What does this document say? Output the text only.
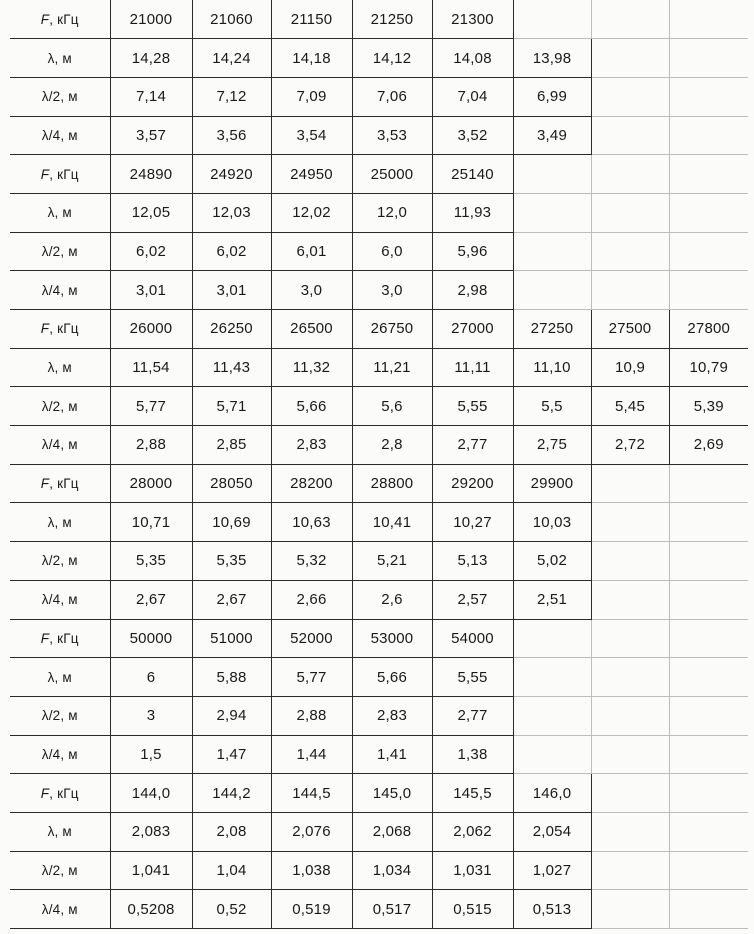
F, кГц	21000	21060	21150	21250	21300			
λ, м	14,28	14,24	14,18	14,12	14,08	13,98		
λ/2, м	7,14	7,12	7,09	7,06	7,04	6,99		
λ/4, м	3,57	3,56	3,54	3,53	3,52	3,49		
F, кГц	24890	24920	24950	25000	25140			
λ, м	12,05	12,03	12,02	12,0	11,93			
λ/2, м	6,02	6,02	6,01	6,0	5,96			
λ/4, м	3,01	3,01	3,0	3,0	2,98			
F, кГц	26000	26250	26500	26750	27000	27250	27500	27800
λ, м	11,54	11,43	11,32	11,21	11,11	11,10	10,9	10,79
λ/2, м	5,77	5,71	5,66	5,6	5,55	5,5	5,45	5,39
λ/4, м	2,88	2,85	2,83	2,8	2,77	2,75	2,72	2,69
F, кГц	28000	28050	28200	28800	29200	29900		
λ, м	10,71	10,69	10,63	10,41	10,27	10,03		
λ/2, м	5,35	5,35	5,32	5,21	5,13	5,02		
λ/4, м	2,67	2,67	2,66	2,6	2,57	2,51		
F, кГц	50000	51000	52000	53000	54000			
λ, м	6	5,88	5,77	5,66	5,55			
λ/2, м	3	2,94	2,88	2,83	2,77			
λ/4, м	1,5	1,47	1,44	1,41	1,38			
F, кГц	144,0	144,2	144,5	145,0	145,5	146,0		
λ, м	2,083	2,08	2,076	2,068	2,062	2,054		
λ/2, м	1,041	1,04	1,038	1,034	1,031	1,027		
λ/4, м	0,5208	0,52	0,519	0,517	0,515	0,513		
